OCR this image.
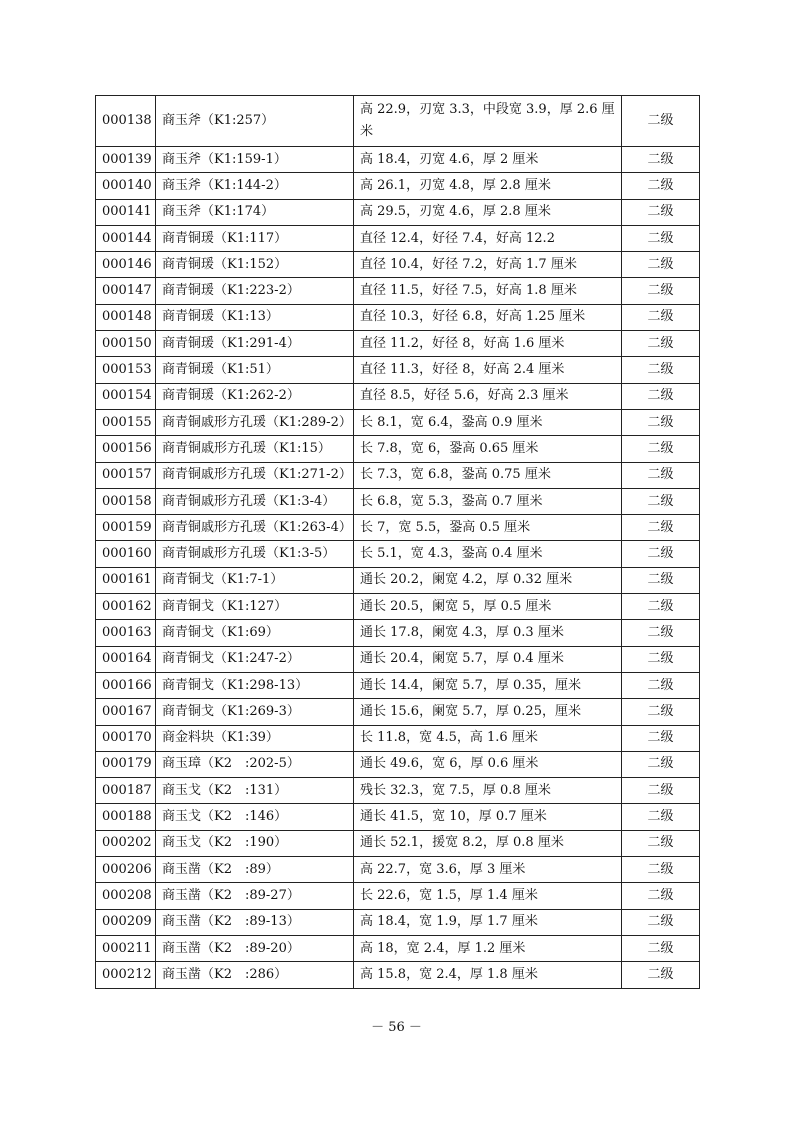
000138	商玉斧（K1:257）	高 22.9，刃宽 3.3，中段宽 3.9，厚 2.6 厘米	二级
000139	商玉斧（K1:159-1）	高 18.4，刃宽 4.6，厚 2 厘米	二级
000140	商玉斧（K1:144-2）	高 26.1，刃宽 4.8，厚 2.8 厘米	二级
000141	商玉斧（K1:174）	高 29.5，刃宽 4.6，厚 2.8 厘米	二级
000144	商青铜瑗（K1:117）	直径 12.4，好径 7.4，好高 12.2	二级
000146	商青铜瑗（K1:152）	直径 10.4，好径 7.2，好高 1.7 厘米	二级
000147	商青铜瑗（K1:223-2）	直径 11.5，好径 7.5，好高 1.8 厘米	二级
000148	商青铜瑗（K1:13）	直径 10.3，好径 6.8，好高 1.25 厘米	二级
000150	商青铜瑗（K1:291-4）	直径 11.2，好径 8，好高 1.6 厘米	二级
000153	商青铜瑗（K1:51）	直径 11.3，好径 8，好高 2.4 厘米	二级
000154	商青铜瑗（K1:262-2）	直径 8.5，好径 5.6，好高 2.3 厘米	二级
000155	商青铜戚形方孔瑗（K1:289-2）	长 8.1，宽 6.4，銎高 0.9 厘米	二级
000156	商青铜戚形方孔瑗（K1:15）	长 7.8，宽 6，銎高 0.65 厘米	二级
000157	商青铜戚形方孔瑗（K1:271-2）	长 7.3，宽 6.8，銎高 0.75 厘米	二级
000158	商青铜戚形方孔瑗（K1:3-4）	长 6.8，宽 5.3，銎高 0.7 厘米	二级
000159	商青铜戚形方孔瑗（K1:263-4）	长 7，宽 5.5，銎高 0.5 厘米	二级
000160	商青铜戚形方孔瑗（K1:3-5）	长 5.1，宽 4.3，銎高 0.4 厘米	二级
000161	商青铜戈（K1:7-1）	通长 20.2，阑宽 4.2，厚 0.32 厘米	二级
000162	商青铜戈（K1:127）	通长 20.5，阑宽 5，厚 0.5 厘米	二级
000163	商青铜戈（K1:69）	通长 17.8，阑宽 4.3，厚 0.3 厘米	二级
000164	商青铜戈（K1:247-2）	通长 20.4，阑宽 5.7，厚 0.4 厘米	二级
000166	商青铜戈（K1:298-13）	通长 14.4，阑宽 5.7，厚 0.35，厘米	二级
000167	商青铜戈（K1:269-3）	通长 15.6，阑宽 5.7，厚 0.25，厘米	二级
000170	商金料块（K1:39）	长 11.8，宽 4.5，高 1.6 厘米	二级
000179	商玉璋（K2　:202-5）	通长 49.6，宽 6，厚 0.6 厘米	二级
000187	商玉戈（K2　:131）	残长 32.3，宽 7.5，厚 0.8 厘米	二级
000188	商玉戈（K2　:146）	通长 41.5，宽 10，厚 0.7 厘米	二级
000202	商玉戈（K2　:190）	通长 52.1，援宽 8.2，厚 0.8 厘米	二级
000206	商玉凿（K2　:89）	高 22.7，宽 3.6，厚 3 厘米	二级
000208	商玉凿（K2　:89-27）	长 22.6，宽 1.5，厚 1.4 厘米	二级
000209	商玉凿（K2　:89-13）	高 18.4，宽 1.9，厚 1.7 厘米	二级
000211	商玉凿（K2　:89-20）	高 18，宽 2.4，厚 1.2 厘米	二级
000212	商玉凿（K2　:286）	高 15.8，宽 2.4，厚 1.8 厘米	二级
－ 56 －
